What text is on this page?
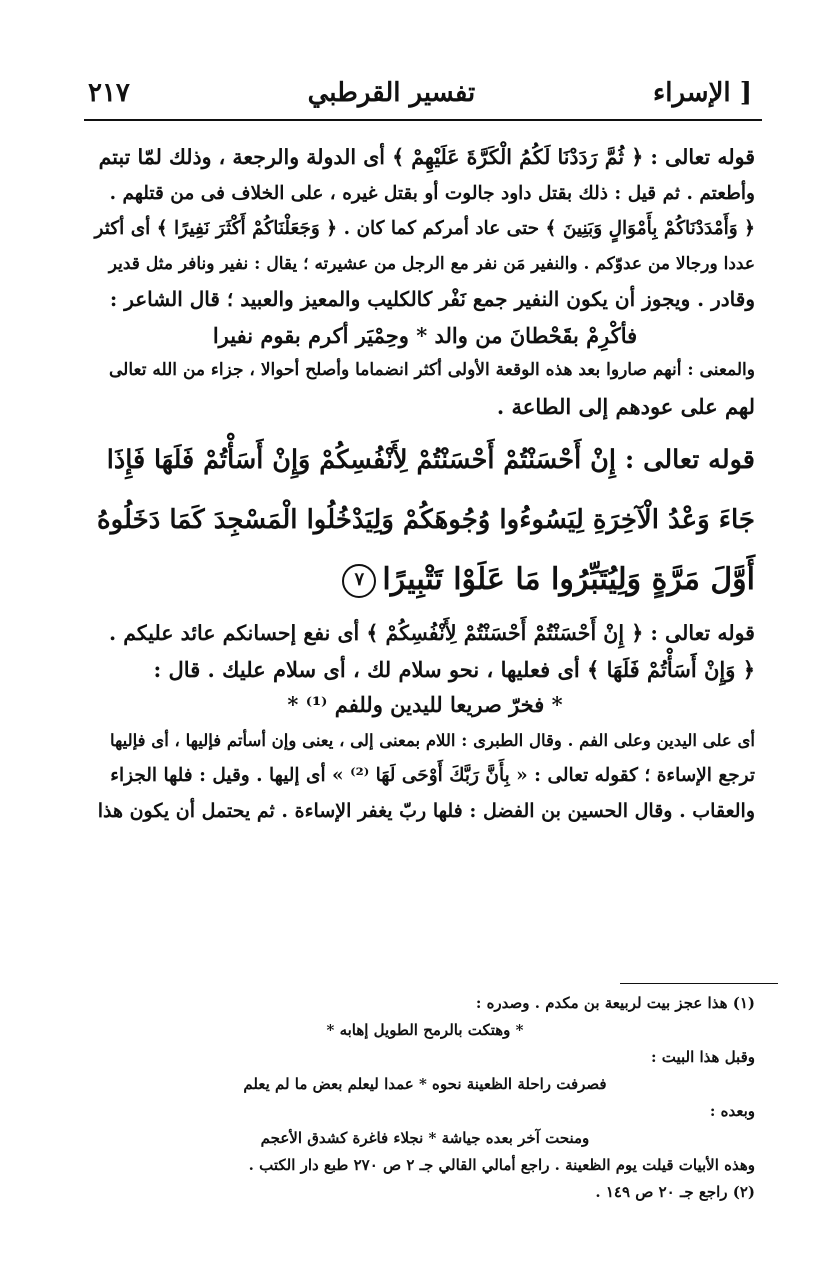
٢١٧	تفسير القرطبي	الإسراء ]
قوله تعالى : ﴿ ثُمَّ رَدَدْنَا لَكُمُ الْكَرَّةَ عَلَيْهِمْ ﴾ أى الدولة والرجعة ، وذلك لمّا تبتم
وأطعتم . ثم قيل : ذلك بقتل داود جالوت أو بقتل غيره ، على الخلاف فى من قتلهم .
﴿ وَأَمْدَدْنَاكُمْ بِأَمْوَالٍ وَبَنِينَ ﴾ حتى عاد أمركم كما كان . ﴿ وَجَعَلْنَاكُمْ أَكْثَرَ نَفِيرًا ﴾ أى أكثر
عددا ورجالا من عدوّكم . والنفير مَن نفر مع الرجل من عشيرته ؛ يقال : نفير ونافر مثل قدير
وقادر . ويجوز أن يكون النفير جمع نَفْر كالكليب والمعيز والعبيد ؛ قال الشاعر :
فأكْرِمْ بقَحْطانَ من والد * وحِمْيَر أكرم بقوم نفيرا
والمعنى : أنهم صاروا بعد هذه الوقعة الأولى أكثر انضماما وأصلح أحوالا ، جزاء من الله تعالى
لهم على عودهم إلى الطاعة .
قوله تعالى : إِنْ أَحْسَنْتُمْ أَحْسَنْتُمْ لِأَنْفُسِكُمْ وَإِنْ أَسَأْتُمْ فَلَهَا فَإِذَا
جَاءَ وَعْدُ الْآخِرَةِ لِيَسُوءُوا وُجُوهَكُمْ وَلِيَدْخُلُوا الْمَسْجِدَ كَمَا دَخَلُوهُ
أَوَّلَ مَرَّةٍ وَلِيُتَبِّرُوا مَا عَلَوْا تَتْبِيرًا٧
قوله تعالى : ﴿ إِنْ أَحْسَنْتُمْ أَحْسَنْتُمْ لِأَنْفُسِكُمْ ﴾ أى نفع إحسانكم عائد عليكم .
﴿ وَإِنْ أَسَأْتُمْ فَلَهَا ﴾ أى فعليها ، نحو سلام لك ، أى سلام عليك . قال :
* فخرّ صريعا لليدين وللفم ⁽¹⁾ *
أى على اليدين وعلى الفم . وقال الطبرى : اللام بمعنى إلى ، يعنى وإن أسأتم فإليها ، أى فإليها
ترجع الإساءة ؛ كقوله تعالى : « بِأَنَّ رَبَّكَ أَوْحَى لَهَا ⁽²⁾ » أى إليها . وقيل : فلها الجزاء
والعقاب . وقال الحسين بن الفضل : فلها ربّ يغفر الإساءة . ثم يحتمل أن يكون هذا
(١) هذا عجز بيت لربيعة بن مكدم . وصدره :
* وهتكت بالرمح الطويل إهابه *
وقبل هذا البيت :
فصرفت راحلة الظعينة نحوه * عمدا ليعلم بعض ما لم يعلم
وبعده :
ومنحت آخر بعده جياشة * نجلاء فاغرة كشدق الأعجم
وهذه الأبيات قيلت يوم الظعينة . راجع أمالي القالي جـ ٢ ص ٢٧٠ طبع دار الكتب .
(٢) راجع جـ ٢٠ ص ١٤٩ .
